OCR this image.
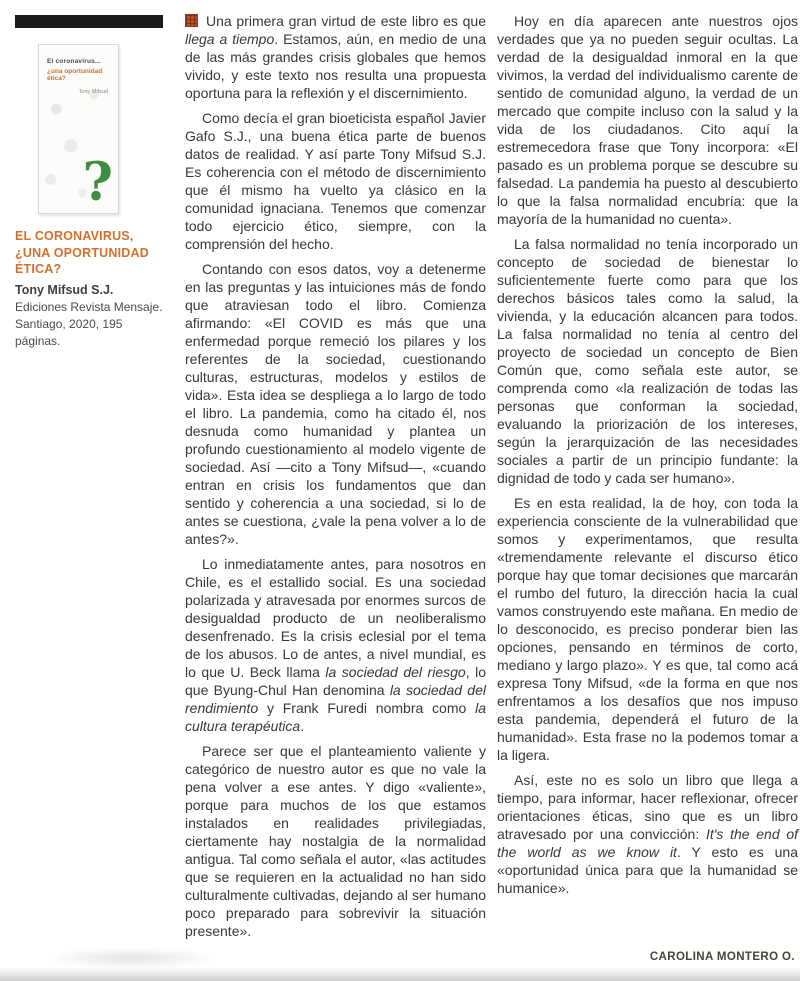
El coronavirus...
¿una oportunidad ética?
Tony Mifsud
?
EL CORONAVIRUS, ¿UNA OPORTUNIDAD ÉTICA?
Tony Mifsud S.J.
Ediciones Revista Mensaje.
Santiago, 2020, 195 páginas.

Una primera gran virtud de este libro es que llega a tiempo. Estamos, aún, en medio de una de las más grandes crisis globales que hemos vivido, y este texto nos resulta una propuesta oportuna para la reflexión y el discernimiento.

Como decía el gran bioeticista español Javier Gafo S.J., una buena ética parte de buenos datos de realidad. Y así parte Tony Mifsud S.J. Es coherencia con el método de discernimiento que él mismo ha vuelto ya clásico en la comunidad ignaciana. Tenemos que comenzar todo ejercicio ético, siempre, con la comprensión del hecho.

Contando con esos datos, voy a detenerme en las preguntas y las intuiciones más de fondo que atraviesan todo el libro. Comienza afirmando: «El COVID es más que una enfermedad porque remeció los pilares y los referentes de la sociedad, cuestionando culturas, estructuras, modelos y estilos de vida». Esta idea se despliega a lo largo de todo el libro. La pandemia, como ha citado él, nos desnuda como humanidad y plantea un profundo cuestionamiento al modelo vigente de sociedad. Así —cito a Tony Mifsud—, «cuando entran en crisis los fundamentos que dan sentido y coherencia a una sociedad, si lo de antes se cuestiona, ¿vale la pena volver a lo de antes?».

Lo inmediatamente antes, para nosotros en Chile, es el estallido social. Es una sociedad polarizada y atravesada por enormes surcos de desigualdad producto de un neoliberalismo desenfrenado. Es la crisis eclesial por el tema de los abusos. Lo de antes, a nivel mundial, es lo que U. Beck llama la sociedad del riesgo, lo que Byung-Chul Han denomina la sociedad del rendimiento y Frank Furedi nombra como la cultura terapéutica.

Parece ser que el planteamiento valiente y categórico de nuestro autor es que no vale la pena volver a ese antes. Y digo «valiente», porque para muchos de los que estamos instalados en realidades privilegiadas, ciertamente hay nostalgia de la normalidad antigua. Tal como señala el autor, «las actitudes que se requieren en la actualidad no han sido culturalmente cultivadas, dejando al ser humano poco preparado para sobrevivir la situación presente».

Hoy en día aparecen ante nuestros ojos verdades que ya no pueden seguir ocultas. La verdad de la desigualdad inmoral en la que vivimos, la verdad del individualismo carente de sentido de comunidad alguno, la verdad de un mercado que compite incluso con la salud y la vida de los ciudadanos. Cito aquí la estremecedora frase que Tony incorpora: «El pasado es un problema porque se descubre su falsedad. La pandemia ha puesto al descubierto lo que la falsa normalidad encubría: que la mayoría de la humanidad no cuenta».

La falsa normalidad no tenía incorporado un concepto de sociedad de bienestar lo suficientemente fuerte como para que los derechos básicos tales como la salud, la vivienda, y la educación alcancen para todos. La falsa normalidad no tenía al centro del proyecto de sociedad un concepto de Bien Común que, como señala este autor, se comprenda como «la realización de todas las personas que conforman la sociedad, evaluando la priorización de los intereses, según la jerarquización de las necesidades sociales a partir de un principio fundante: la dignidad de todo y cada ser humano».

Es en esta realidad, la de hoy, con toda la experiencia consciente de la vulnerabilidad que somos y experimentamos, que resulta «tremendamente relevante el discurso ético porque hay que tomar decisiones que marcarán el rumbo del futuro, la dirección hacia la cual vamos construyendo este mañana. En medio de lo desconocido, es preciso ponderar bien las opciones, pensando en términos de corto, mediano y largo plazo». Y es que, tal como acá expresa Tony Mifsud, «de la forma en que nos enfrentamos a los desafíos que nos impuso esta pandemia, dependerá el futuro de la humanidad». Esta frase no la podemos tomar a la ligera.

Así, este no es solo un libro que llega a tiempo, para informar, hacer reflexionar, ofrecer orientaciones éticas, sino que es un libro atravesado por una convicción: It's the end of the world as we know it. Y esto es una «oportunidad única para que la humanidad se humanice».

CAROLINA MONTERO O.
